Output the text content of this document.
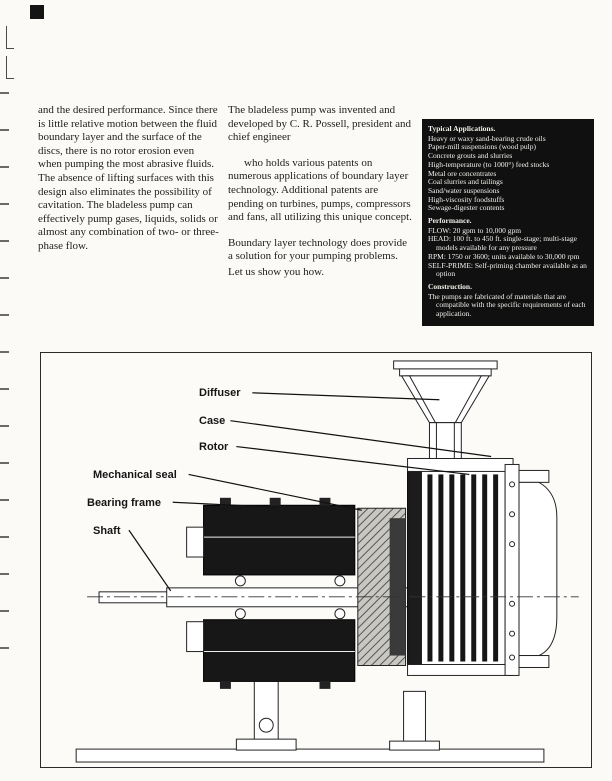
and the desired performance. Since there is little relative motion between the fluid boundary layer and the surface of the discs, there is no rotor erosion even when pumping the most abrasive fluids. The absence of lifting surfaces with this design also eliminates the possibility of cavitation. The bladeless pump can effectively pump gases, liquids, solids or almost any combination of two- or three-phase flow.

The bladeless pump was invented and developed by C. R. Possell, president and chief engineer

who holds various patents on numerous applications of boundary layer technology. Additional patents are pending on turbines, pumps, compressors and fans, all utilizing this unique concept.

Boundary layer technology does provide a solution for your pumping problems.

Let us show you how.

Typical Applications.
Heavy or waxy sand-bearing crude oils
Paper-mill suspensions (wood pulp)
Concrete grouts and slurries
High-temperature (to 1000°) feed stocks
Metal ore concentrates
Coal slurries and tailings
Sand/water suspensions
High-viscosity foodstuffs
Sewage-digester contents
Performance.
FLOW: 20 gpm to 10,000 gpm
HEAD: 100 ft. to 450 ft. single-stage; multi-stage models available for any pressure
RPM: 1750 or 3600; units available to 30,000 rpm
SELF-PRIME: Self-priming chamber available as an option
Construction.
The pumps are fabricated of materials that are compatible with the specific requirements of each application.
Diffuser
Case
Rotor
Mechanical seal
Bearing frame
Shaft
